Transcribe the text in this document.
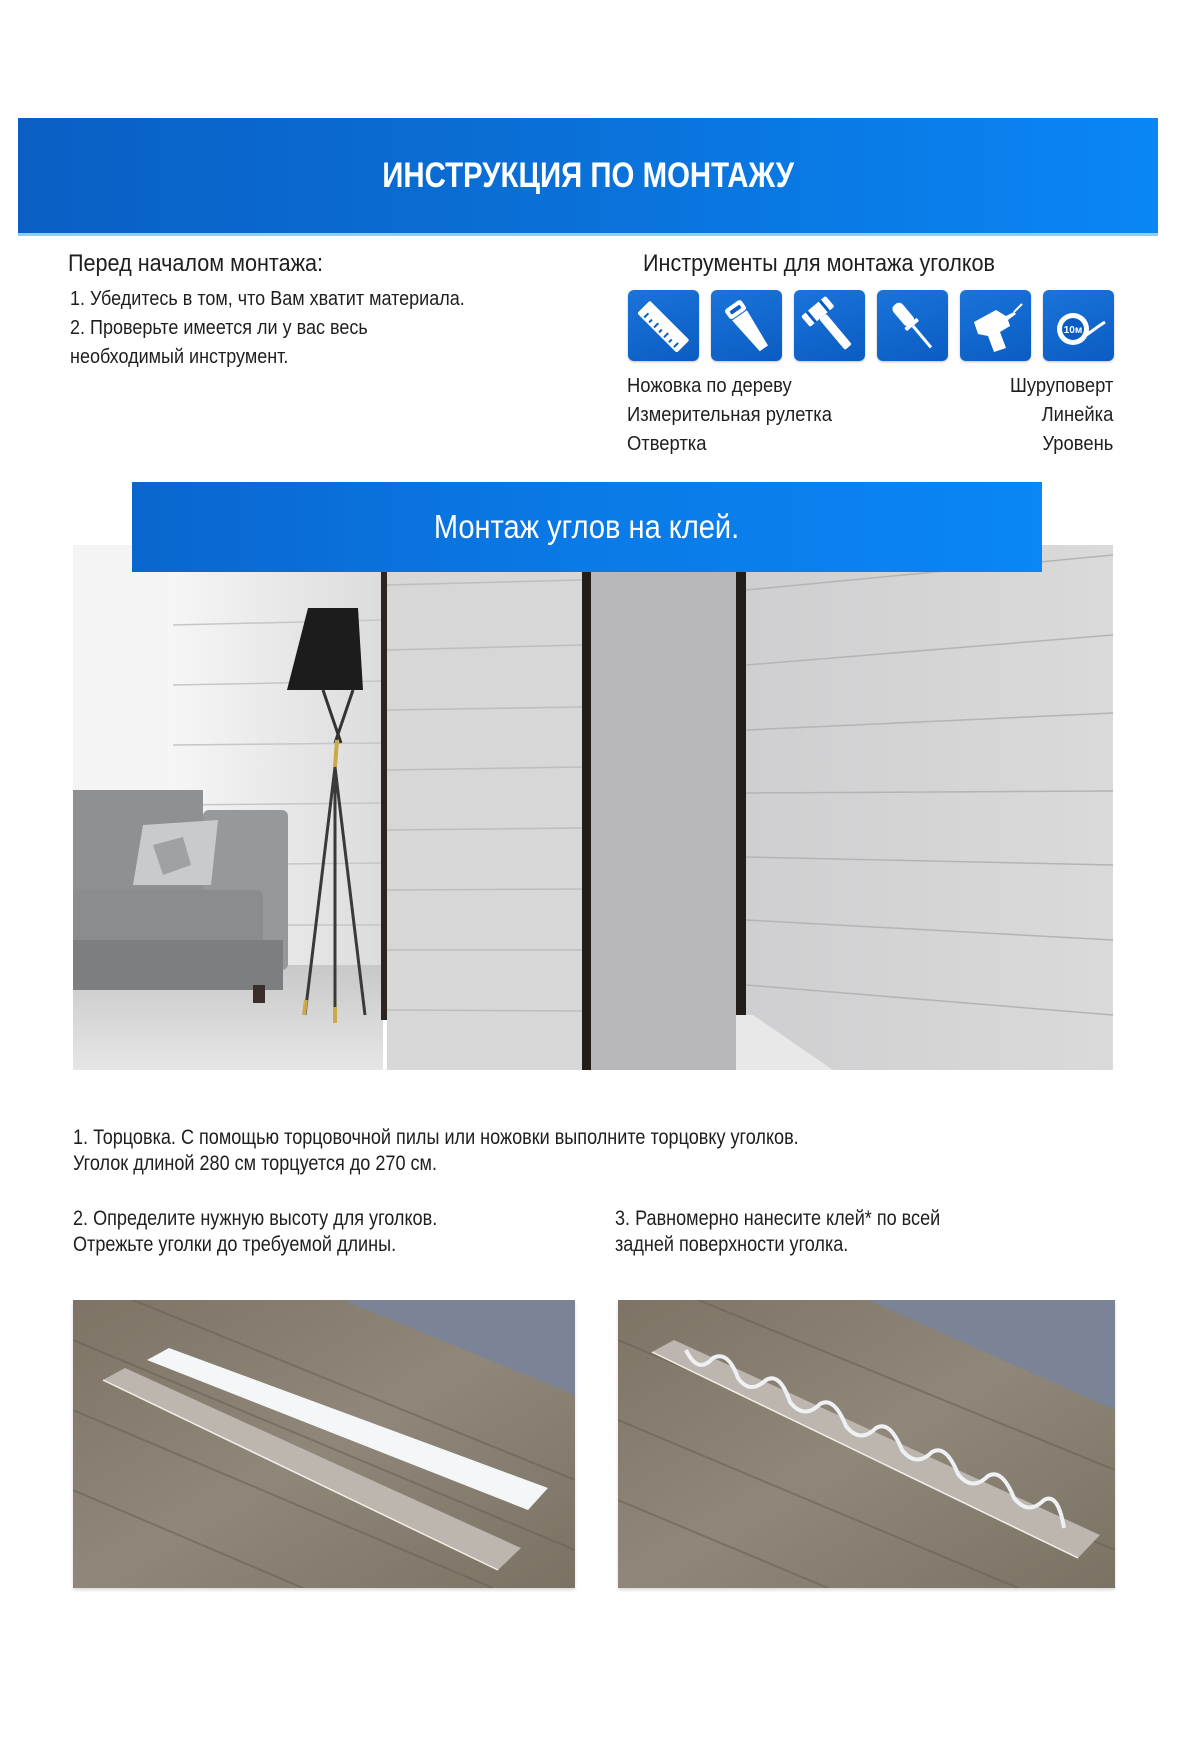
ИНСТРУКЦИЯ ПО МОНТАЖУ
Перед началом монтажа:
1. Убедитесь в том, что Вам хватит материала.
2. Проверьте имеется ли у вас весь
необходимый инструмент.
Инструменты для монтажа уголков
10м
Ножовка по дереву
Измерительная рулетка
Отвертка
Шуруповерт
Линейка
Уровень
Монтаж углов на клей.
1. Торцовка. С помощью торцовочной пилы или ножовки выполните торцовку уголков.
Уголок длиной 280 см торцуется до 270 см.
2. Определите нужную высоту для уголков.
Отрежьте уголки до требуемой длины.
3. Равномерно нанесите клей* по всей
задней поверхности уголка.
